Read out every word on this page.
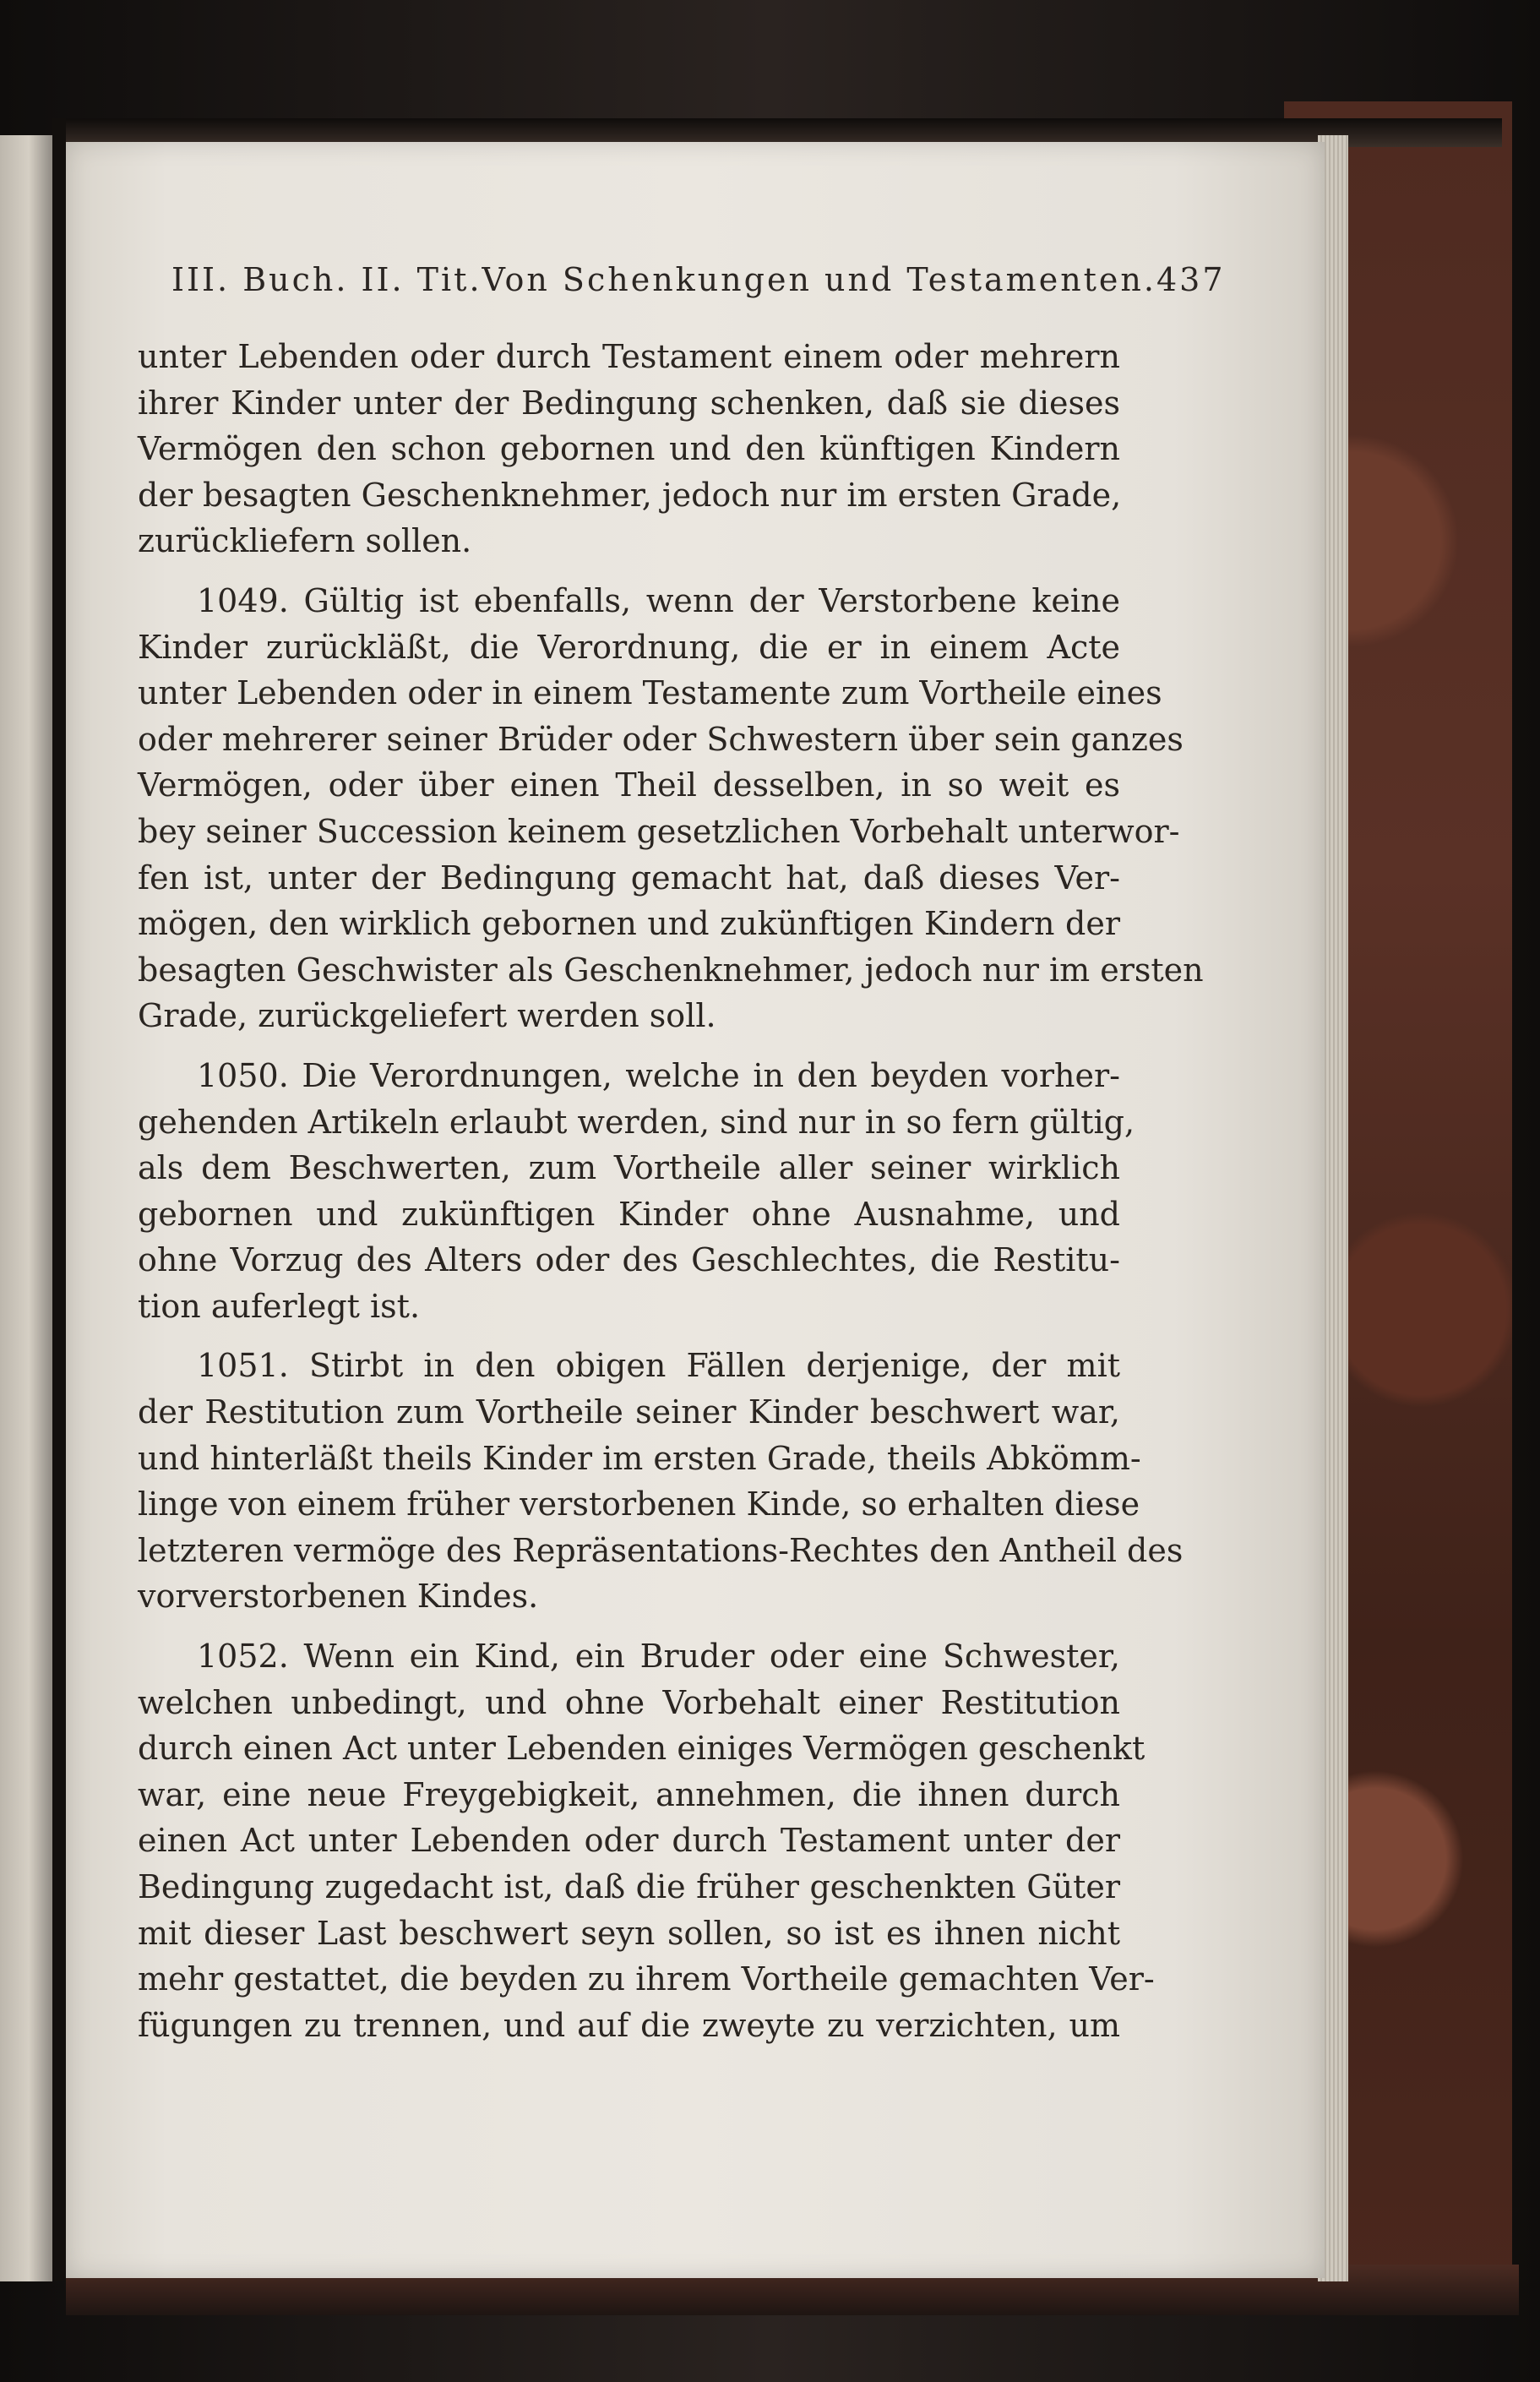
III. Buch. II. Tit. Von Schenkungen und Testamenten. 437
unter Lebenden oder durch Testament einem oder mehrern
ihrer Kinder unter der Bedingung schenken, daß sie dieses
Vermögen den schon gebornen und den künftigen Kindern
der besagten Geschenknehmer, jedoch nur im ersten Grade,
zurückliefern sollen.
1049. Gültig ist ebenfalls, wenn der Verstorbene keine
Kinder zurückläßt, die Verordnung, die er in einem Acte
unter Lebenden oder in einem Testamente zum Vortheile eines
oder mehrerer seiner Brüder oder Schwestern über sein ganzes
Vermögen, oder über einen Theil desselben, in so weit es
bey seiner Succession keinem gesetzlichen Vorbehalt unterwor-
fen ist, unter der Bedingung gemacht hat, daß dieses Ver-
mögen, den wirklich gebornen und zukünftigen Kindern der
besagten Geschwister als Geschenknehmer, jedoch nur im ersten
Grade, zurückgeliefert werden soll.
1050. Die Verordnungen, welche in den beyden vorher-
gehenden Artikeln erlaubt werden, sind nur in so fern gültig,
als dem Beschwerten, zum Vortheile aller seiner wirklich
gebornen und zukünftigen Kinder ohne Ausnahme, und
ohne Vorzug des Alters oder des Geschlechtes, die Restitu-
tion auferlegt ist.
1051. Stirbt in den obigen Fällen derjenige, der mit
der Restitution zum Vortheile seiner Kinder beschwert war,
und hinterläßt theils Kinder im ersten Grade, theils Abkömm-
linge von einem früher verstorbenen Kinde, so erhalten diese
letzteren vermöge des Repräsentations-Rechtes den Antheil des
vorverstorbenen Kindes.
1052. Wenn ein Kind, ein Bruder oder eine Schwester,
welchen unbedingt, und ohne Vorbehalt einer Restitution
durch einen Act unter Lebenden einiges Vermögen geschenkt
war, eine neue Freygebigkeit, annehmen, die ihnen durch
einen Act unter Lebenden oder durch Testament unter der
Bedingung zugedacht ist, daß die früher geschenkten Güter
mit dieser Last beschwert seyn sollen, so ist es ihnen nicht
mehr gestattet, die beyden zu ihrem Vortheile gemachten Ver-
fügungen zu trennen, und auf die zweyte zu verzichten, um
